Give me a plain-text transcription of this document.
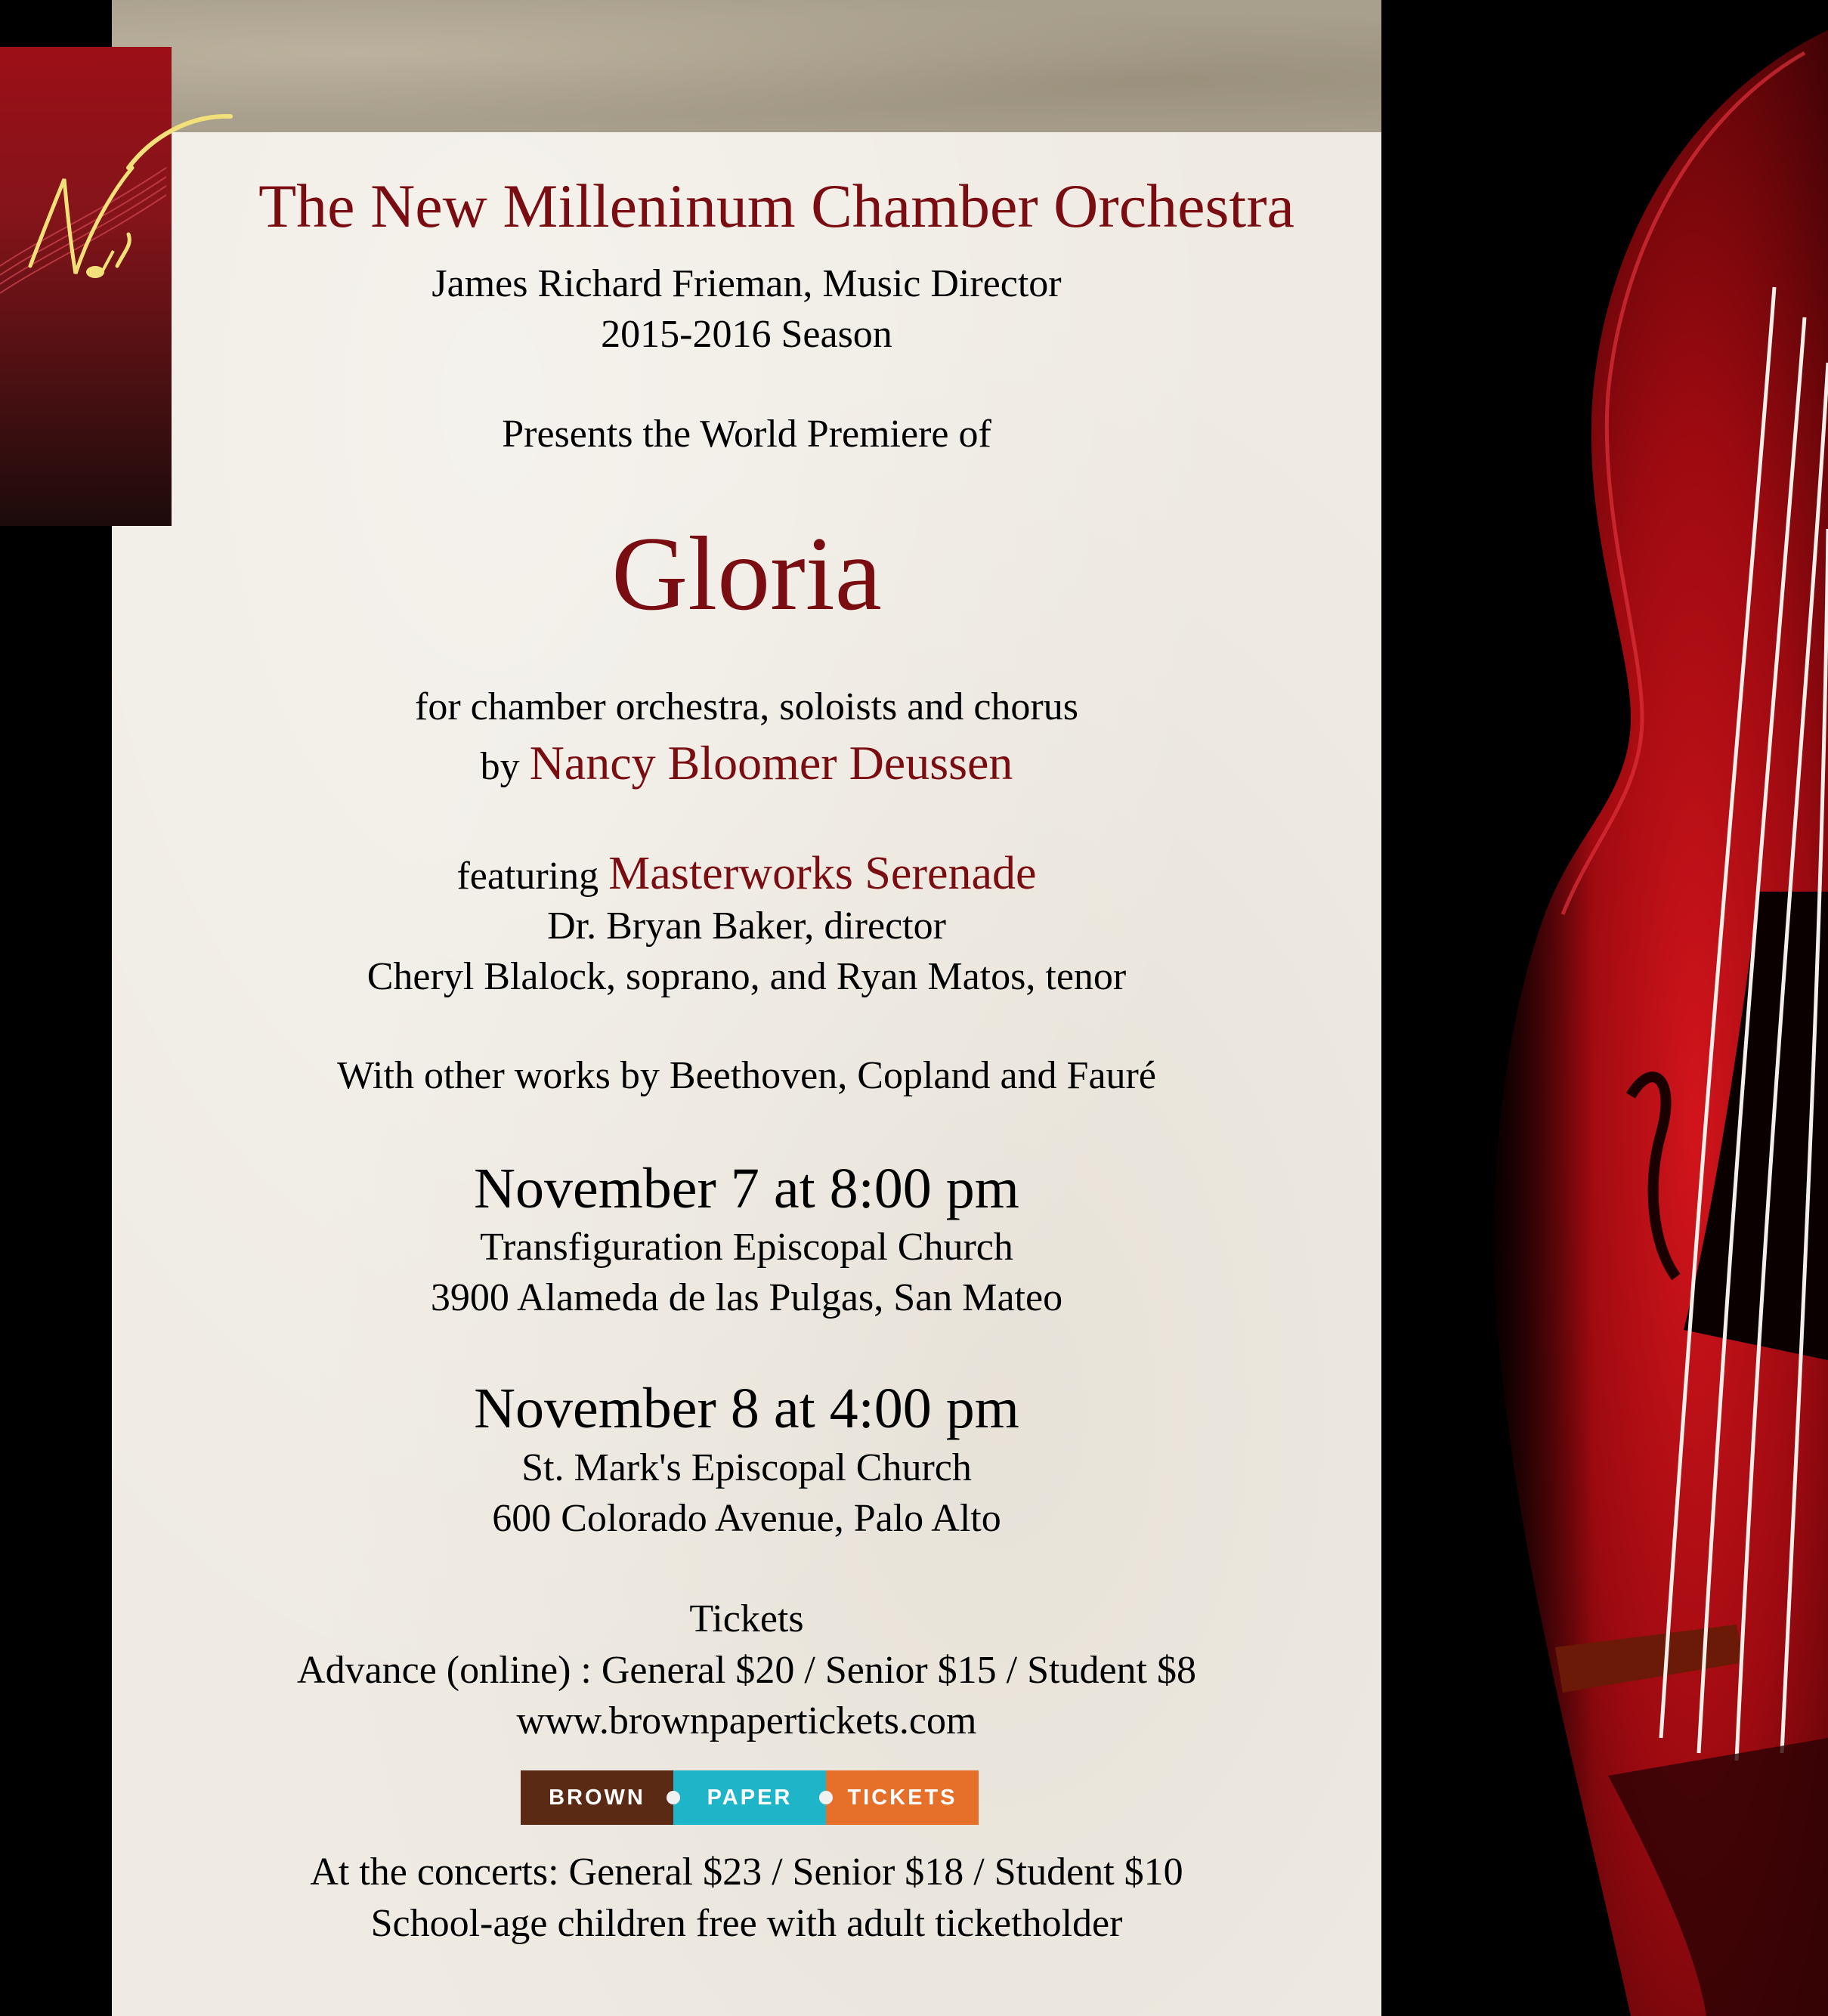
The New Milleninum Chamber Orchestra
James Richard Frieman, Music Director
2015-2016 Season
Presents the World Premiere of
Gloria
for chamber orchestra, soloists and chorus
by Nancy Bloomer Deussen
featuring Masterworks Serenade
Dr. Bryan Baker, director
Cheryl Blalock, soprano, and Ryan Matos, tenor
With other works by Beethoven, Copland and Fauré
November 7 at 8:00 pm
Transfiguration Episcopal Church
3900 Alameda de las Pulgas, San Mateo
November 8 at 4:00 pm
St. Mark's Episcopal Church
600 Colorado Avenue, Palo Alto
Tickets
Advance (online) : General $20 / Senior $15 / Student $8
www.brownpapertickets.com
BROWN	PAPER	TICKETS
At the concerts: General $23 / Senior $18 / Student $10
School-age children free with adult ticketholder
